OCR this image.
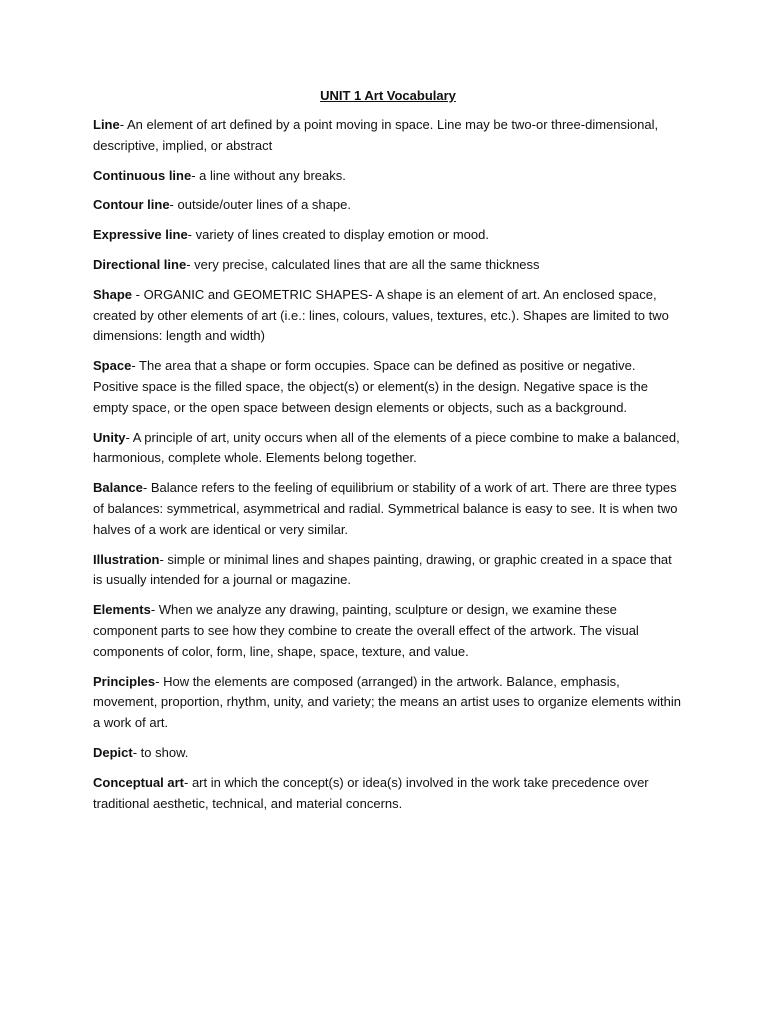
UNIT 1 Art Vocabulary

Line- An element of art defined by a point moving in space. Line may be two-or three-dimensional, descriptive, implied, or abstract

Continuous line- a line without any breaks.

Contour line- outside/outer lines of a shape.

Expressive line- variety of lines created to display emotion or mood.

Directional line- very precise, calculated lines that are all the same thickness

Shape - ORGANIC and GEOMETRIC SHAPES- A shape is an element of art. An enclosed space, created by other elements of art (i.e.: lines, colours, values, textures, etc.). Shapes are limited to two dimensions: length and width)

Space- The area that a shape or form occupies. Space can be defined as positive or negative. Positive space is the filled space, the object(s) or element(s) in the design. Negative space is the empty space, or the open space between design elements or objects, such as a background.

Unity- A principle of art, unity occurs when all of the elements of a piece combine to make a balanced, harmonious, complete whole. Elements belong together.

Balance- Balance refers to the feeling of equilibrium or stability of a work of art. There are three types of balances: symmetrical, asymmetrical and radial. Symmetrical balance is easy to see. It is when two halves of a work are identical or very similar.

Illustration- simple or minimal lines and shapes painting, drawing, or graphic created in a space that is usually intended for a journal or magazine.

Elements- When we analyze any drawing, painting, sculpture or design, we examine these component parts to see how they combine to create the overall effect of the artwork. The visual components of color, form, line, shape, space, texture, and value.

Principles- How the elements are composed (arranged) in the artwork. Balance, emphasis, movement, proportion, rhythm, unity, and variety; the means an artist uses to organize elements within a work of art.

Depict- to show.

Conceptual art- art in which the concept(s) or idea(s) involved in the work take precedence over traditional aesthetic, technical, and material concerns.
